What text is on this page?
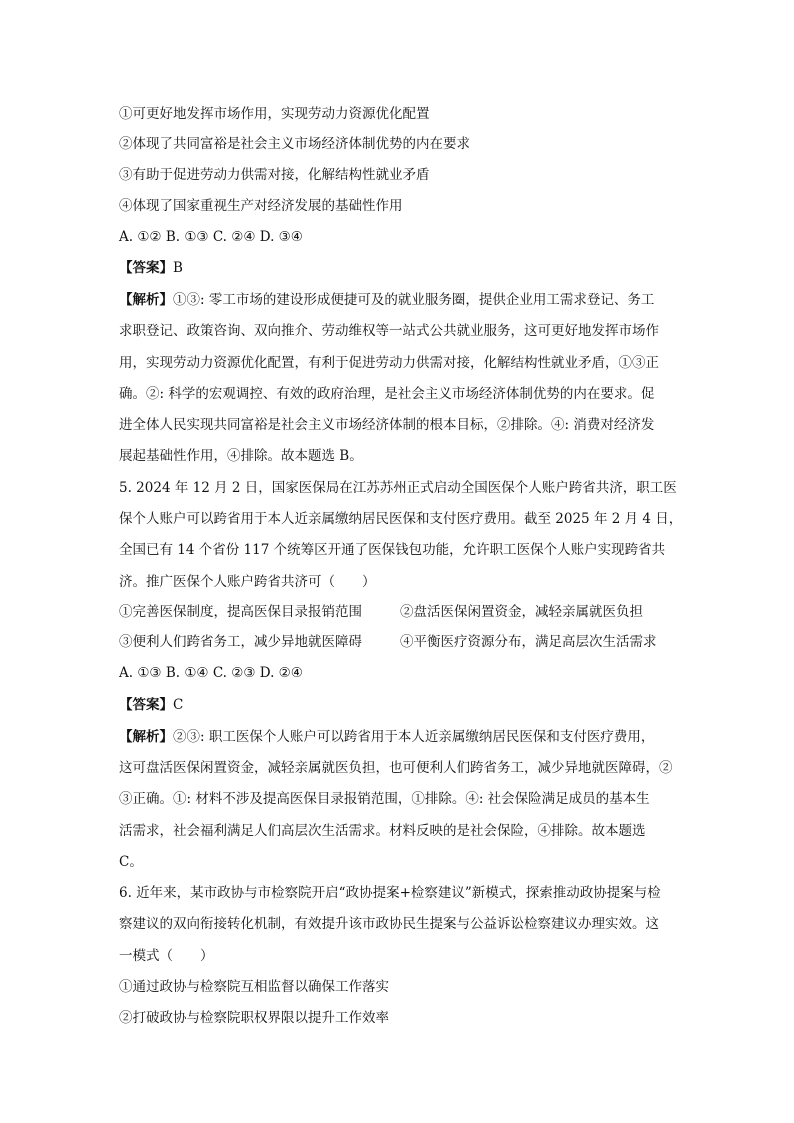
①可更好地发挥市场作用，实现劳动力资源优化配置
②体现了共同富裕是社会主义市场经济体制优势的内在要求
③有助于促进劳动力供需对接，化解结构性就业矛盾
④体现了国家重视生产对经济发展的基础性作用
A. ①② B. ①③ C. ②④ D. ③④
【答案】B
【解析】①③: 零工市场的建设形成便捷可及的就业服务圈，提供企业用工需求登记、务工
求职登记、政策咨询、双向推介、劳动维权等一站式公共就业服务，这可更好地发挥市场作
用，实现劳动力资源优化配置，有利于促进劳动力供需对接，化解结构性就业矛盾，①③正
确。②: 科学的宏观调控、有效的政府治理，是社会主义市场经济体制优势的内在要求。促
进全体人民实现共同富裕是社会主义市场经济体制的根本目标，②排除。④: 消费对经济发
展起基础性作用，④排除。故本题选 B。
5. 2024 年 12 月 2 日，国家医保局在江苏苏州正式启动全国医保个人账户跨省共济，职工医
保个人账户可以跨省用于本人近亲属缴纳居民医保和支付医疗费用。截至 2025 年 2 月 4 日，
全国已有 14 个省份 117 个统筹区开通了医保钱包功能，允许职工医保个人账户实现跨省共
济。推广医保个人账户跨省共济可（　　）
①完善医保制度，提高医保目录报销范围	②盘活医保闲置资金，减轻亲属就医负担
③便利人们跨省务工，减少异地就医障碍	④平衡医疗资源分布，满足高层次生活需求
A. ①③ B. ①④ C. ②③ D. ②④
【答案】C
【解析】②③: 职工医保个人账户可以跨省用于本人近亲属缴纳居民医保和支付医疗费用，
这可盘活医保闲置资金，减轻亲属就医负担，也可便利人们跨省务工，减少异地就医障碍，②
③正确。①: 材料不涉及提高医保目录报销范围，①排除。④: 社会保险满足成员的基本生
活需求，社会福利满足人们高层次生活需求。材料反映的是社会保险，④排除。故本题选
C。
6. 近年来，某市政协与市检察院开启“政协提案+检察建议”新模式，探索推动政协提案与检
察建议的双向衔接转化机制，有效提升该市政协民生提案与公益诉讼检察建议办理实效。这
一模式（　　）
①通过政协与检察院互相监督以确保工作落实
②打破政协与检察院职权界限以提升工作效率
